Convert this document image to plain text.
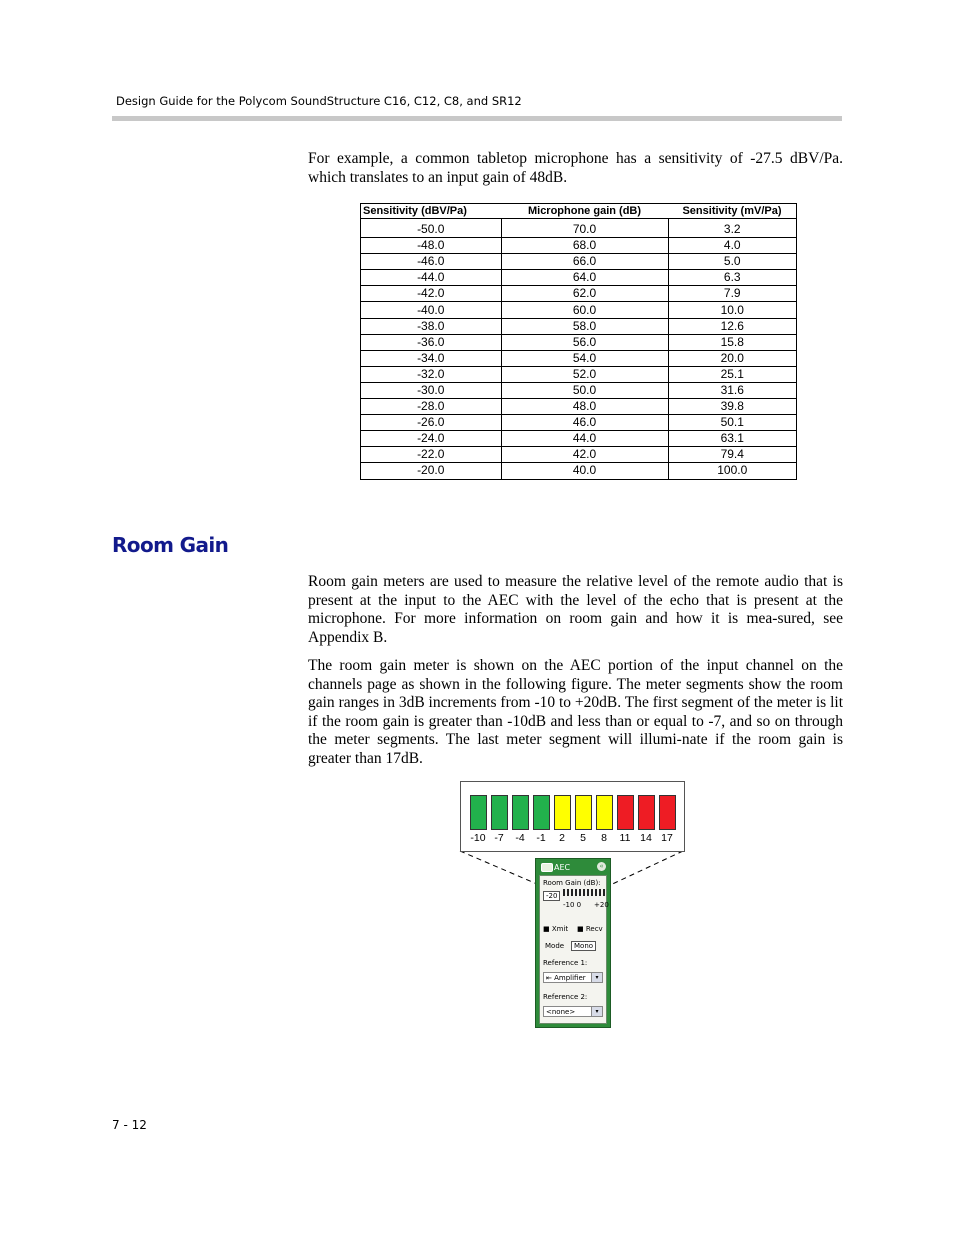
Design Guide for the Polycom SoundStructure C16, C12, C8, and SR12

For example, a common tabletop microphone has a sensitivity of -27.5 dBV/Pa. which translates to an input gain of 48dB.

Sensitivity (dBV/Pa)	Microphone gain (dB)	Sensitivity (mV/Pa)

-50.0	70.0	3.2
-48.0	68.0	4.0
-46.0	66.0	5.0
-44.0	64.0	6.3
-42.0	62.0	7.9
-40.0	60.0	10.0
-38.0	58.0	12.6
-36.0	56.0	15.8
-34.0	54.0	20.0
-32.0	52.0	25.1
-30.0	50.0	31.6
-28.0	48.0	39.8
-26.0	46.0	50.1
-24.0	44.0	63.1
-22.0	42.0	79.4
-20.0	40.0	100.0
Room Gain

Room gain meters are used to measure the relative level of the remote audio that is present at the input to the AEC with the level of the echo that is present at the microphone. For more information on room gain and how it is mea-sured, see Appendix B.

The room gain meter is shown on the AEC portion of the input channel on the channels page as shown in the following figure. The meter segments show the room gain ranges in 3dB increments from -10 to +20dB. The first segment of the meter is lit if the room gain is greater than -10dB and less than or equal to -7, and so on through the meter segments. The last meter segment will illumi-nate if the room gain is greater than 17dB.

-10 -7	-4	-1	2	5	8	11 14 17
AEC	«
Room Gain (dB):
-20
-10 0 +20
■ Xmit ■ Recv
Mode	Mono
Reference 1:
⇤ Amplifier	▾
Reference 2:
<none>	▾
7 - 12
